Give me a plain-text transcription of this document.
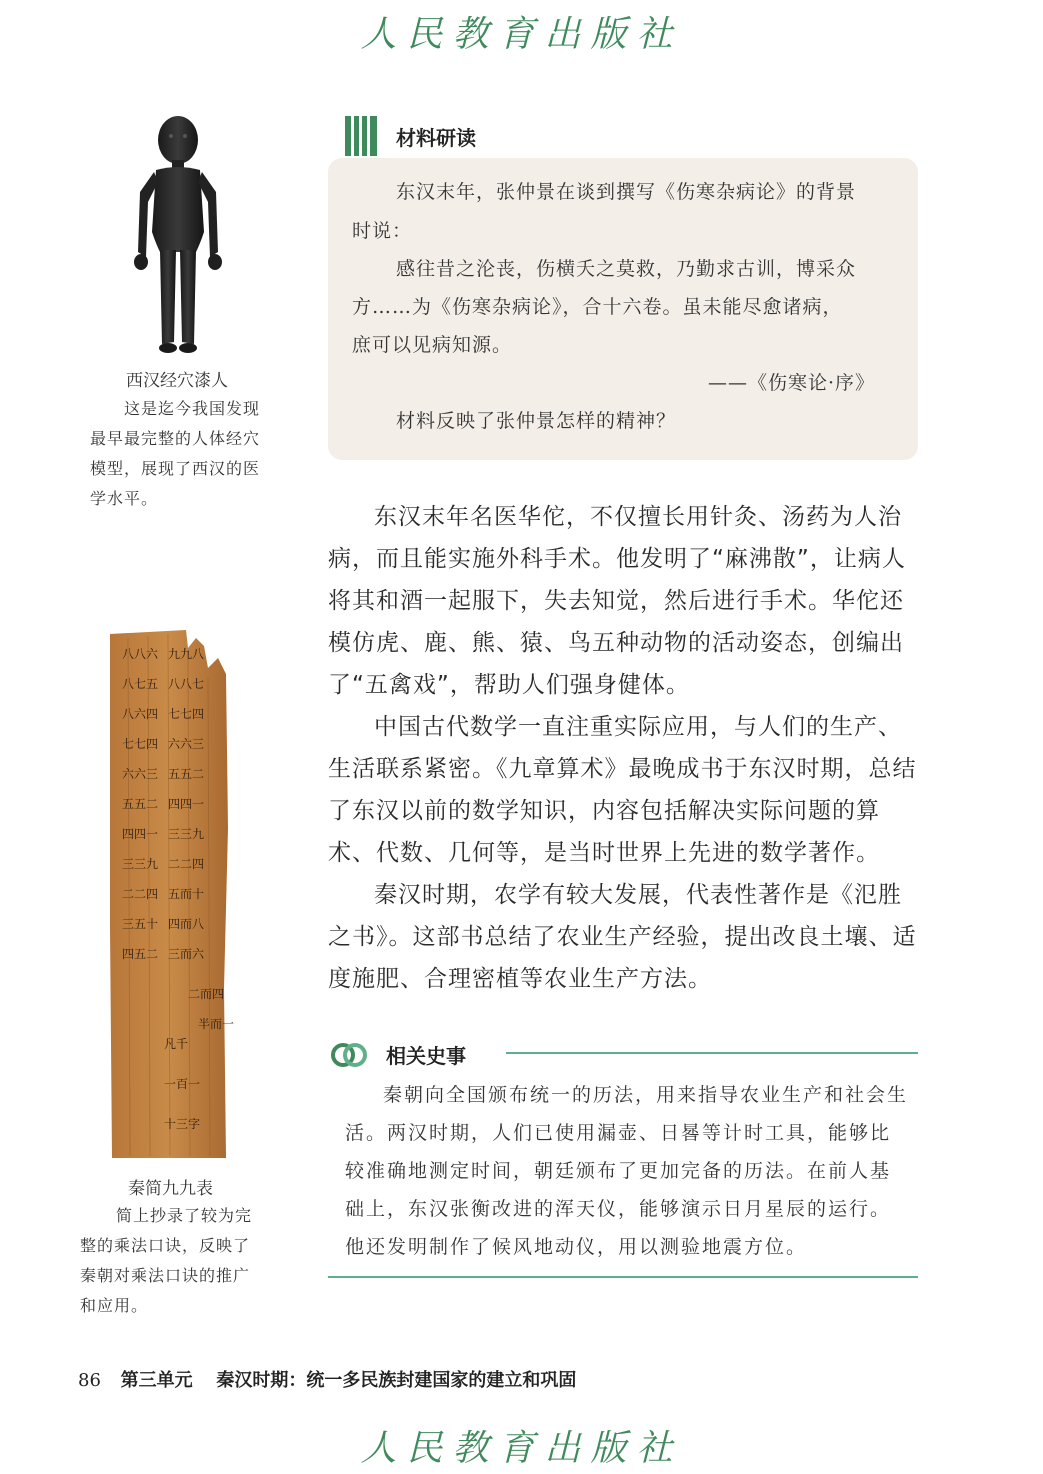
人民教育出版社
西汉经穴漆人
这是迄今我国发现
最早最完整的人体经穴
模型，展现了西汉的医
学水平。
八八六
八七五
八六四
七七四
六六三
五五二
四四一
三三九
二二四
三五十
四五二
九九八
八八七
七七四
六六三
五五二
四四一
三三九
二二四
五而十
四而八
三而六
二而四
半而一
凡千
一百一
十三字
秦简九九表
简上抄录了较为完
整的乘法口诀，反映了
秦朝对乘法口诀的推广
和应用。
材料研读
东汉末年，张仲景在谈到撰写《伤寒杂病论》的背景
时说：
感往昔之沦丧，伤横夭之莫救，乃勤求古训，博采众
方……为《伤寒杂病论》，合十六卷。虽未能尽愈诸病，
庶可以见病知源。
——《伤寒论·序》
材料反映了张仲景怎样的精神？

东汉末年名医华佗，不仅擅长用针灸、汤药为人治病，而且能实施外科手术。他发明了“麻沸散”，让病人将其和酒一起服下，失去知觉，然后进行手术。华佗还模仿虎、鹿、熊、猿、鸟五种动物的活动姿态，创编出了“五禽戏”，帮助人们强身健体。

中国古代数学一直注重实际应用，与人们的生产、生活联系紧密。《九章算术》最晚成书于东汉时期，总结了东汉以前的数学知识，内容包括解决实际问题的算术、代数、几何等，是当时世界上先进的数学著作。

秦汉时期，农学有较大发展，代表性著作是《氾胜之书》。这部书总结了农业生产经验，提出改良土壤、适度施肥、合理密植等农业生产方法。

相关史事

秦朝向全国颁布统一的历法，用来指导农业生产和社会生活。两汉时期，人们已使用漏壶、日晷等计时工具，能够比较准确地测定时间，朝廷颁布了更加完备的历法。在前人基础上，东汉张衡改进的浑天仪，能够演示日月星辰的运行。他还发明制作了候风地动仪，用以测验地震方位。

86 第三单元 秦汉时期：统一多民族封建国家的建立和巩固
人民教育出版社
